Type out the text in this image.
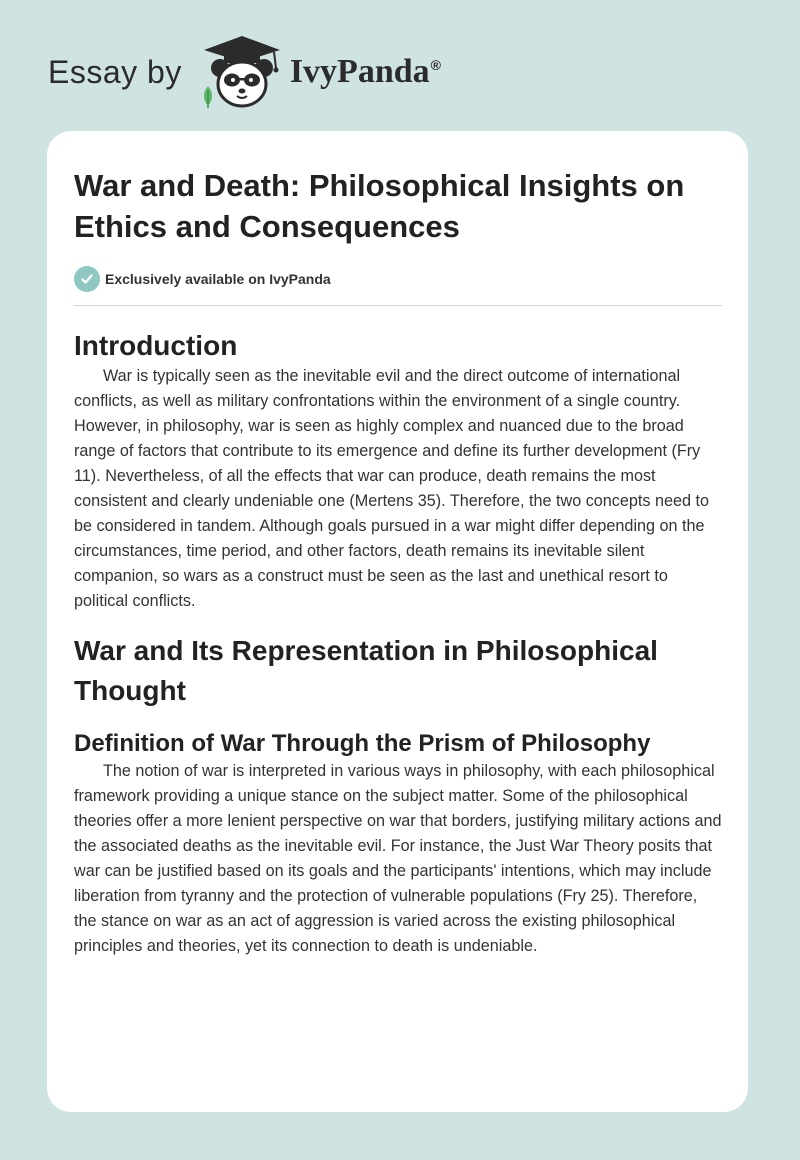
Essay by	IvyPanda®
War and Death: Philosophical Insights on Ethics and Consequences
Exclusively available on IvyPanda
Introduction

War is typically seen as the inevitable evil and the direct outcome of international conflicts, as well as military confrontations within the environment of a single country. However, in philosophy, war is seen as highly complex and nuanced due to the broad range of factors that contribute to its emergence and define its further development (Fry 11). Nevertheless, of all the effects that war can produce, death remains the most consistent and clearly undeniable one (Mertens 35). Therefore, the two concepts need to be considered in tandem. Although goals pursued in a war might differ depending on the circumstances, time period, and other factors, death remains its inevitable silent companion, so wars as a construct must be seen as the last and unethical resort to political conflicts.

War and Its Representation in Philosophical Thought
Definition of War Through the Prism of Philosophy

The notion of war is interpreted in various ways in philosophy, with each philosophical framework providing a unique stance on the subject matter. Some of the philosophical theories offer a more lenient perspective on war that borders, justifying military actions and the associated deaths as the inevitable evil. For instance, the Just War Theory posits that war can be justified based on its goals and the participants' intentions, which may include liberation from tyranny and the protection of vulnerable populations (Fry 25). Therefore, the stance on war as an act of aggression is varied across the existing philosophical principles and theories, yet its connection to death is undeniable.
